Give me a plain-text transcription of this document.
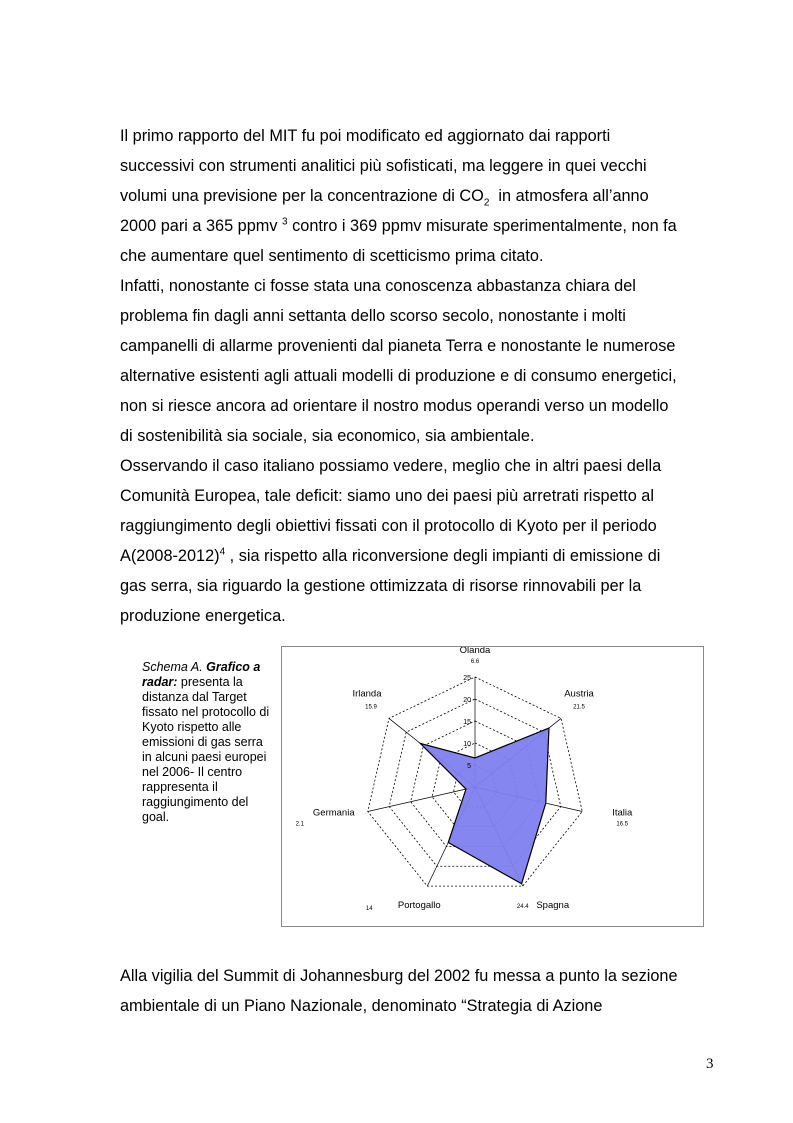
Il primo rapporto del MIT fu poi modificato ed aggiornato dai rapporti

successivi con strumenti analitici più sofisticati, ma leggere in quei vecchi

volumi una previsione per la concentrazione di $CO_2$  in atmosfera all’anno

2000 pari a 365 ppmv $^3$ contro i 369 ppmv misurate sperimentalmente, non fa

che aumentare quel sentimento di scetticismo prima citato.

Infatti, nonostante ci fosse stata una conoscenza abbastanza chiara del

problema fin dagli anni settanta dello scorso secolo, nonostante i molti

campanelli di allarme provenienti dal pianeta Terra e nonostante le numerose

alternative esistenti agli attuali modelli di produzione e di consumo energetici,

non si riesce ancora ad orientare il nostro modus operandi verso un modello

di sostenibilità sia sociale, sia economico, sia ambientale.

Osservando il caso italiano possiamo vedere, meglio che in altri paesi della

Comunità Europea, tale deficit: siamo uno dei paesi più arretrati rispetto al

raggiungimento degli obiettivi fissati con il protocollo di Kyoto per il periodo

A(2008-2012)$^4$ , sia rispetto alla riconversione degli impianti di emissione di

gas serra, sia riguardo la gestione ottimizzata di risorse rinnovabili per la

produzione energetica.

Schema A. Grafico a radar: presenta la distanza dal Target fissato nel protocollo di Kyoto rispetto alle emissioni di gas serra in alcuni paesi europei nel 2006- Il centro rappresenta il raggiungimento del goal.
5
10
15
20
25
Olanda
6.6
Austria
21.5
Italia
16.5
Spagna
24.4
Portogallo
14
Germania
2.1
Irlanda
15.9

Alla vigilia del Summit di Johannesburg del 2002 fu messa a punto la sezione

ambientale di un Piano Nazionale, denominato “Strategia di Azione

3
